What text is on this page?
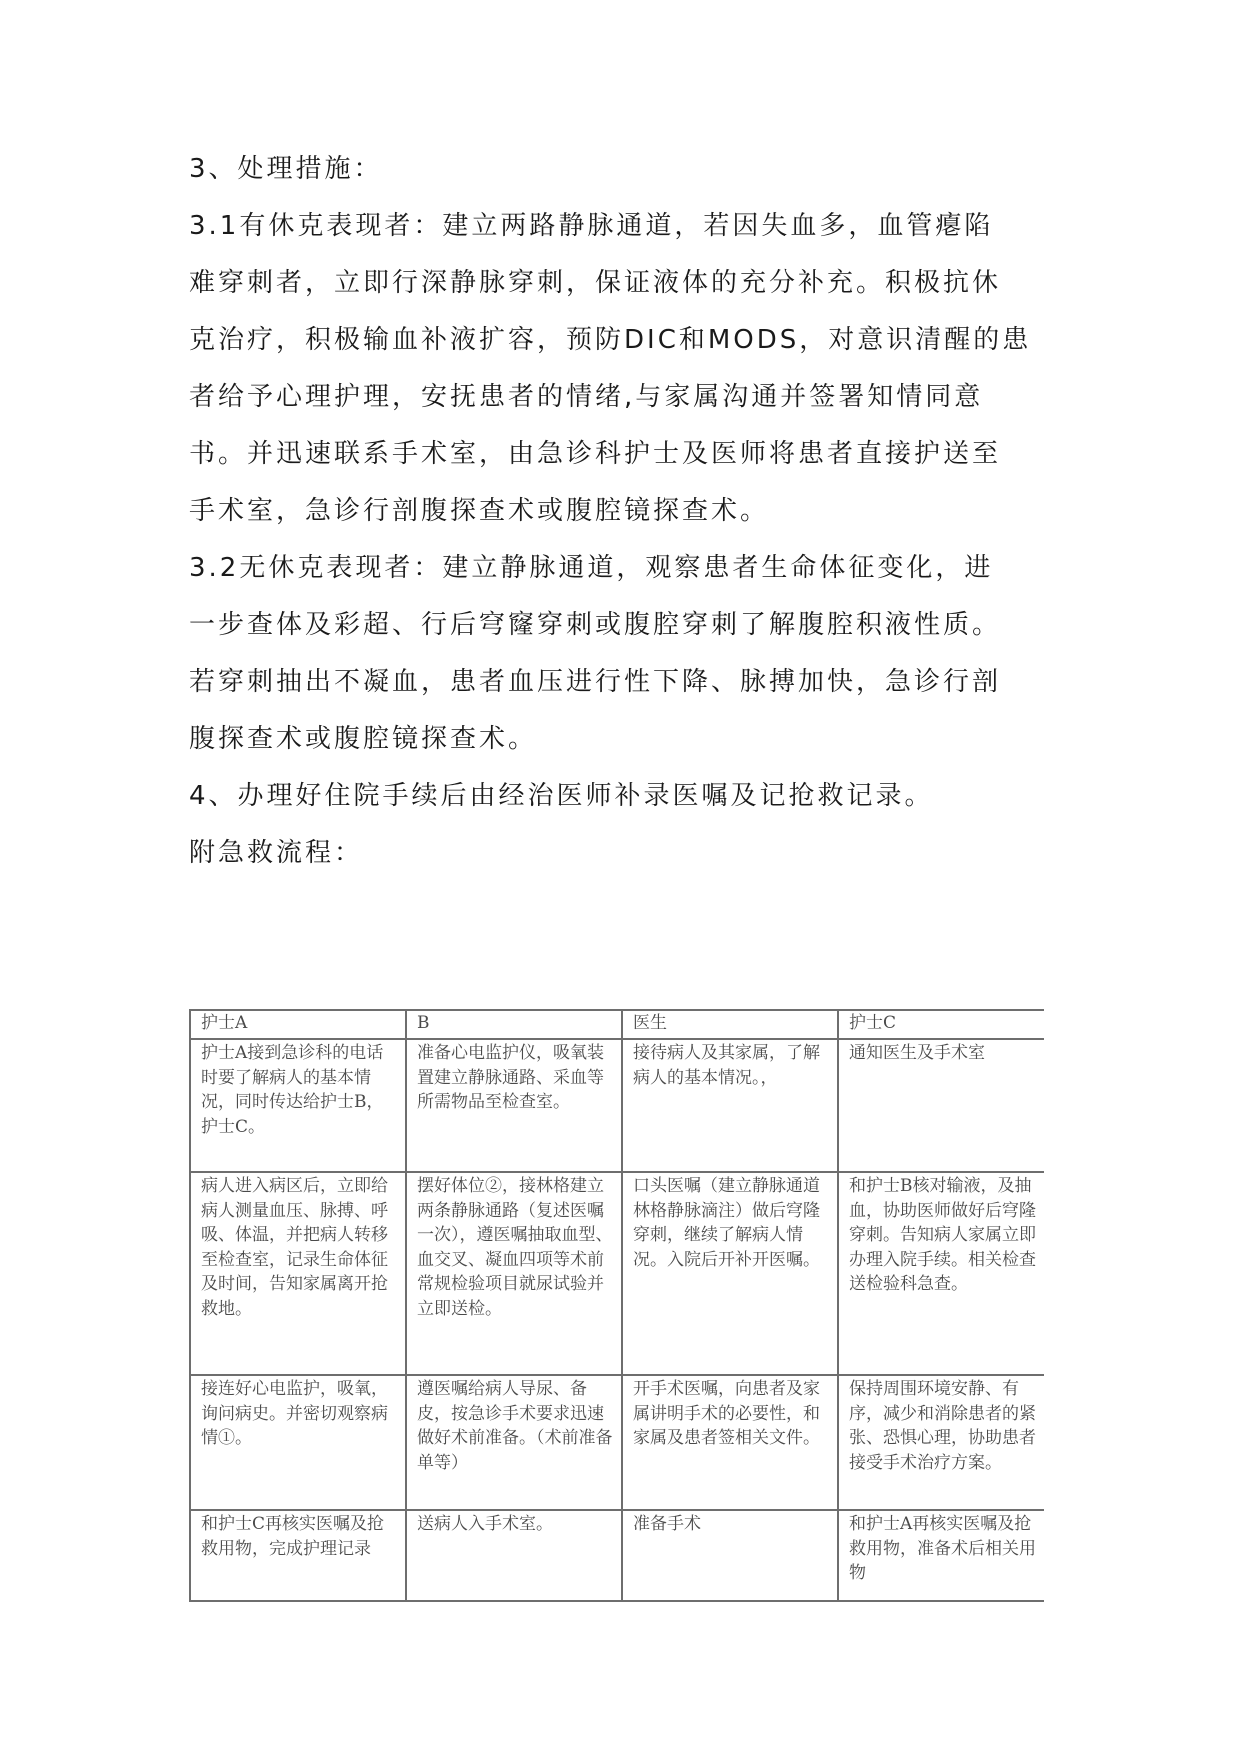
3、处理措施：
3.1有休克表现者：建立两路静脉通道，若因失血多，血管瘪陷
难穿刺者，立即行深静脉穿刺，保证液体的充分补充。积极抗休
克治疗，积极输血补液扩容，预防DIC和MODS，对意识清醒的患
者给予心理护理，安抚患者的情绪,与家属沟通并签署知情同意
书。并迅速联系手术室，由急诊科护士及医师将患者直接护送至
手术室，急诊行剖腹探查术或腹腔镜探查术。
3.2无休克表现者：建立静脉通道，观察患者生命体征变化，进
一步查体及彩超、行后穹窿穿刺或腹腔穿刺了解腹腔积液性质。
若穿刺抽出不凝血，患者血压进行性下降、脉搏加快，急诊行剖
腹探查术或腹腔镜探查术。
4、办理好住院手续后由经治医师补录医嘱及记抢救记录。
附急救流程：
护士A	B	医生	护士C
护士A接到急诊科的电话时要了解病人的基本情况，同时传达给护士B，护士C。	准备心电监护仪，吸氧装置建立静脉通路、采血等所需物品至检查室。	接待病人及其家属，了解病人的基本情况。，	通知医生及手术室
病人进入病区后，立即给病人测量血压、脉搏、呼吸、体温，并把病人转移至检查室，记录生命体征及时间，告知家属离开抢救地。	摆好体位②，接林格建立两条静脉通路（复述医嘱一次），遵医嘱抽取血型、血交叉、凝血四项等术前常规检验项目就尿试验并立即送检。	口头医嘱（建立静脉通道林格静脉滴注）做后穹隆穿刺，继续了解病人情况。入院后开补开医嘱。	和护士B核对输液，及抽血，协助医师做好后穹隆穿刺。告知病人家属立即办理入院手续。相关检查送检验科急查。
接连好心电监护，吸氧，询问病史。并密切观察病情①。	遵医嘱给病人导尿、备皮，按急诊手术要求迅速做好术前准备。（术前准备单等）	开手术医嘱，向患者及家属讲明手术的必要性，和家属及患者签相关文件。	保持周围环境安静、有序，减少和消除患者的紧张、恐惧心理，协助患者接受手术治疗方案。
和护士C再核实医嘱及抢救用物，完成护理记录	送病人入手术室。	准备手术	和护士A再核实医嘱及抢救用物，准备术后相关用物
